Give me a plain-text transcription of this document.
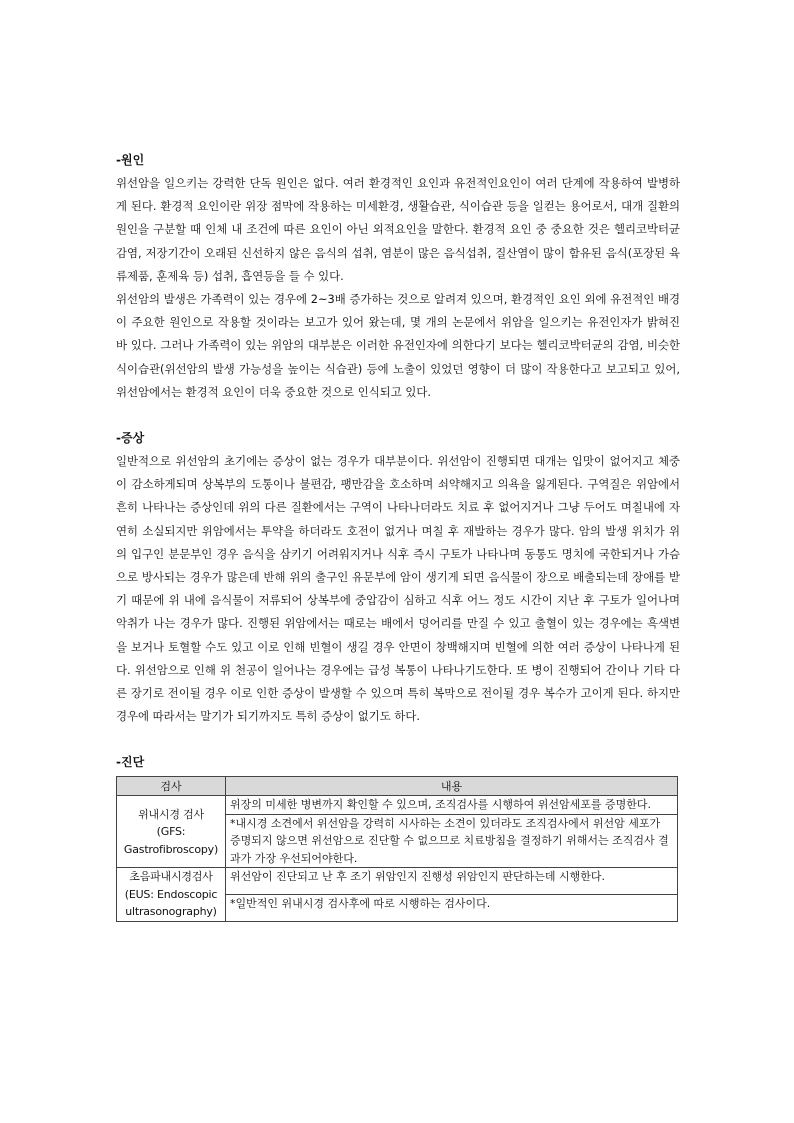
-원인

위선암을 일으키는 강력한 단독 원인은 없다. 여러 환경적인 요인과 유전적인요인이 여러 단계에 작용하여 발병하게 된다. 환경적 요인이란 위장 점막에 작용하는 미세환경, 생활습관, 식이습관 등을 일컫는 용어로서, 대개 질환의 원인을 구분할 때 인체 내 조건에 따른 요인이 아닌 외적요인을 말한다. 환경적 요인 중 중요한 것은 헬리코박터균 감염, 저장기간이 오래된 신선하지 않은 음식의 섭취, 염분이 많은 음식섭취, 질산염이 많이 함유된 음식(포장된 육류제품, 훈제육 등) 섭취, 흡연등을 들 수 있다.

위선암의 발생은 가족력이 있는 경우에 2~3배 증가하는 것으로 알려져 있으며, 환경적인 요인 외에 유전적인 배경이 주요한 원인으로 작용할 것이라는 보고가 있어 왔는데, 몇 개의 논문에서 위암을 일으키는 유전인자가 밝혀진 바 있다. 그러나 가족력이 있는 위암의 대부분은 이러한 유전인자에 의한다기 보다는 헬리코박터균의 감염, 비슷한 식이습관(위선암의 발생 가능성을 높이는 식습관) 등에 노출이 있었던 영향이 더 많이 작용한다고 보고되고 있어, 위선암에서는 환경적 요인이 더욱 중요한 것으로 인식되고 있다.

-증상

일반적으로 위선암의 초기에는 증상이 없는 경우가 대부분이다. 위선암이 진행되면 대개는 입맛이 없어지고 체중이 감소하게되며 상복부의 도통이나 불편감, 팽만감을 호소하며 쇠약해지고 의욕을 잃게된다. 구역질은 위암에서 흔히 나타나는 증상인데 위의 다른 질환에서는 구역이 나타나더라도 치료 후 없어지거나 그냥 두어도 며칠내에 자연히 소실되지만 위암에서는 투약을 하더라도 호전이 없거나 며칠 후 재발하는 경우가 많다. 암의 발생 위치가 위의 입구인 분문부인 경우 음식을 삼키기 어려워지거나 식후 즉시 구토가 나타나며 동통도 명치에 국한되거나 가슴으로 방사되는 경우가 많은데 반해 위의 출구인 유문부에 암이 생기게 되면 음식물이 장으로 배출되는데 장애를 받기 때문에 위 내에 음식물이 저류되어 상복부에 중압감이 심하고 식후 어느 정도 시간이 지난 후 구토가 일어나며 악취가 나는 경우가 많다. 진행된 위암에서는 때로는 배에서 덩어리를 만질 수 있고 출혈이 있는 경우에는 흑색변을 보거나 토혈할 수도 있고 이로 인해 빈혈이 생길 경우 안면이 창백해지며 빈혈에 의한 여러 증상이 나타나게 된다. 위선암으로 인해 위 천공이 일어나는 경우에는 급성 복통이 나타나기도한다. 또 병이 진행되어 간이나 기타 다른 장기로 전이될 경우 이로 인한 증상이 발생할 수 있으며 특히 복막으로 전이될 경우 복수가 고이게 된다. 하지만 경우에 따라서는 말기가 되기까지도 특히 증상이 없기도 하다.

-진단
검사	내용

위내시경 검사
(GFS:
Gastrofibroscopy)	위장의 미세한 병변까지 확인할 수 있으며, 조직검사를 시행하여 위선암세포를 증명한다.
	*내시경 소견에서 위선암을 강력히 시사하는 소견이 있더라도 조직검사에서 위선암 세포가 증명되지 않으면 위선암으로 진단할 수 없으므로 치료방침을 결정하기 위해서는 조직검사 결과가 가장 우선되어야한다.

초음파내시경검사
(EUS: Endoscopic
ultrasonography)	위선암이 진단되고 난 후 조기 위암인지 진행성 위암인지 판단하는데 시행한다.
	*일반적인 위내시경 검사후에 따로 시행하는 검사이다.
